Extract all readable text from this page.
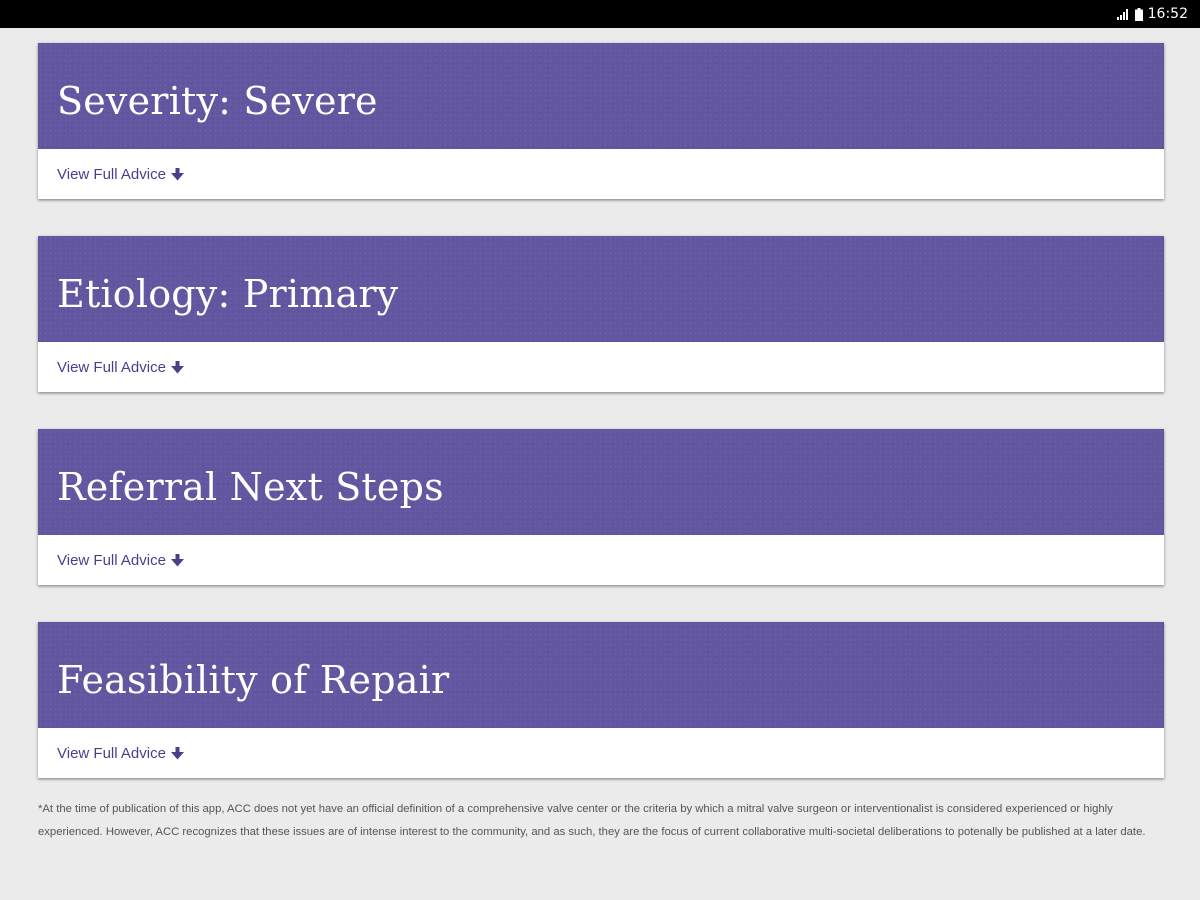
16:52
Severity: Severe
View Full Advice
Etiology: Primary
View Full Advice
Referral Next Steps
View Full Advice
Feasibility of Repair
View Full Advice

*At the time of publication of this app, ACC does not yet have an official definition of a comprehensive valve center or the criteria by which a mitral valve surgeon or interventionalist is considered experienced or highly experienced. However, ACC recognizes that these issues are of intense interest to the community, and as such, they are the focus of current collaborative multi-societal deliberations to potenally be published at a later date.
